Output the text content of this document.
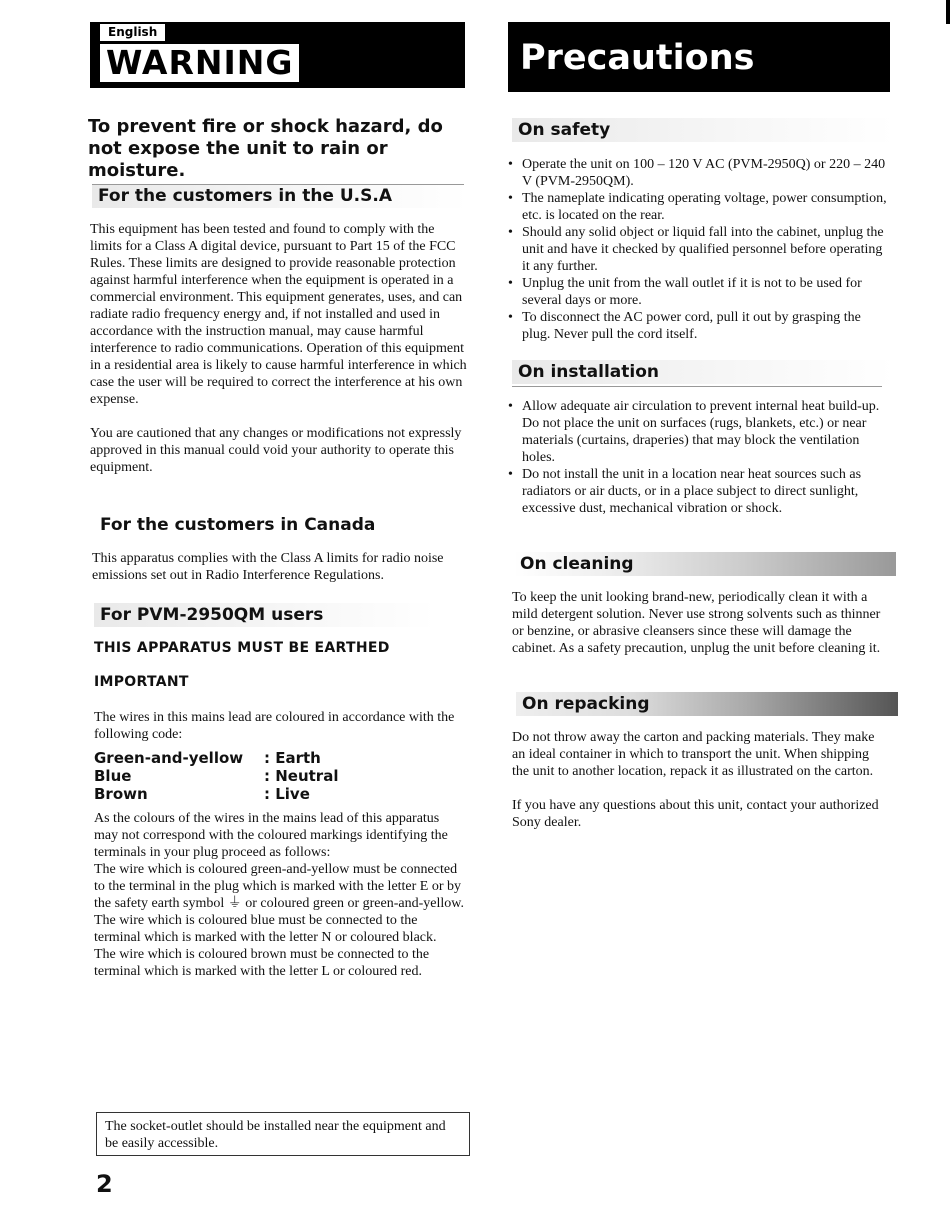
English
WARNING
To prevent fire or shock hazard, do not expose the unit to rain or moisture.
For the customers in the U.S.A

This equipment has been tested and found to comply with the limits for a Class A digital device, pursuant to Part 15 of the FCC Rules. These limits are designed to provide reasonable protection against harmful interference when the equipment is operated in a commercial environment. This equipment generates, uses, and can radiate radio frequency energy and, if not installed and used in accordance with the instruction manual, may cause harmful interference to radio communications. Operation of this equipment in a residential area is likely to cause harmful interference in which case the user will be required to correct the interference at his own expense.

You are cautioned that any changes or modifications not expressly approved in this manual could void your authority to operate this equipment.

For the customers in Canada
This apparatus complies with the Class A limits for radio noise emissions set out in Radio Interference Regulations.
For PVM-2950QM users
THIS APPARATUS MUST BE EARTHED
IMPORTANT
The wires in this mains lead are coloured in accordance with the following code:
Green-and-yellow	: Earth
Blue	: Neutral
Brown	: Live

As the colours of the wires in the mains lead of this apparatus may not correspond with the coloured markings identifying the terminals in your plug proceed as follows:

The wire which is coloured green-and-yellow must be connected to the terminal in the plug which is marked with the letter E or by the safety earth symbol ⏚ or coloured green or green-and-yellow.

The wire which is coloured blue must be connected to the terminal which is marked with the letter N or coloured black.

The wire which is coloured brown must be connected to the terminal which is marked with the letter L or coloured red.

The socket-outlet should be installed near the equipment and be easily accessible.
2
Precautions
On safety
• Operate the unit on 100 – 120 V AC (PVM-2950Q) or 220 – 240 V (PVM-2950QM).
• The nameplate indicating operating voltage, power consumption, etc. is located on the rear.
• Should any solid object or liquid fall into the cabinet, unplug the unit and have it checked by qualified personnel before operating it any further.
• Unplug the unit from the wall outlet if it is not to be used for several days or more.
• To disconnect the AC power cord, pull it out by grasping the plug. Never pull the cord itself.
On installation
• Allow adequate air circulation to prevent internal heat build-up.
Do not place the unit on surfaces (rugs, blankets, etc.) or near materials (curtains, draperies) that may block the ventilation holes.
• Do not install the unit in a location near heat sources such as radiators or air ducts, or in a place subject to direct sunlight, excessive dust, mechanical vibration or shock.
On cleaning
To keep the unit looking brand-new, periodically clean it with a mild detergent solution. Never use strong solvents such as thinner or benzine, or abrasive cleansers since these will damage the cabinet. As a safety precaution, unplug the unit before cleaning it.
On repacking

Do not throw away the carton and packing materials. They make an ideal container in which to transport the unit. When shipping the unit to another location, repack it as illustrated on the carton.

If you have any questions about this unit, contact your authorized Sony dealer.
